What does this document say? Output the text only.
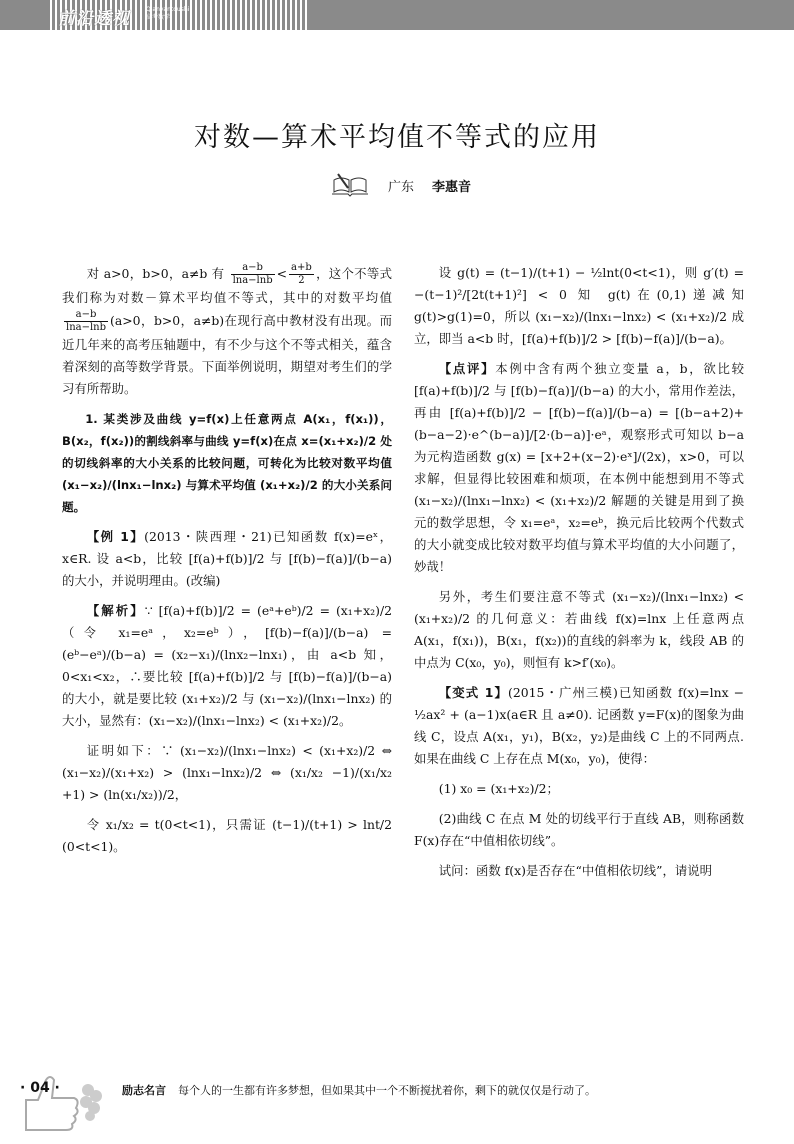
前沿透视	Qianyantoushi
高考数学
对数—算术平均值不等式的应用
广东 李惠音

对 a>0，b>0，a≠b 有 $\frac{a-b}{\ln a-\ln b} < \frac{a+b}{2}$ ，这个不等式我们称为对数－算术平均值不等式，其中的对数平均值
$\frac{a-b}{\ln a-\ln b} (a>0$，b>0，a≠b)在现行高中教材没有出现。而近几年来的高考压轴题中，有不少与这个不等式相关，蕴含着深刻的高等数学背景。下面举例说明，期望对考生们的学习有所帮助。

1. 某类涉及曲线 y=f(x)上任意两点 A(x₁，f(x₁))，B(x₂，f(x₂))的割线斜率与曲线 y=f(x)在点 x=(x₁+x₂)/2 处的切线斜率的大小关系的比较问题，可转化为比较对数平均值 (x₁−x₂)/(lnx₁−lnx₂) 与算术平均值 (x₁+x₂)/2 的大小关系问题。

【例 1】(2013・陕西理・21)已知函数 f(x)=eˣ，x∈R. 设 a<b，比较 [f(a)+f(b)]/2 与 [f(b)−f(a)]/(b−a) 的大小，并说明理由。(改编)

【解析】∵ [f(a)+f(b)]/2 = (eᵃ+eᵇ)/2 = (x₁+x₂)/2（令 x₁=eᵃ，x₂=eᵇ），[f(b)−f(a)]/(b−a) = (eᵇ−eᵃ)/(b−a) = (x₂−x₁)/(lnx₂−lnx₁)，由 a<b 知，0<x₁<x₂，∴要比较 [f(a)+f(b)]/2 与 [f(b)−f(a)]/(b−a) 的大小，就是要比较 (x₁+x₂)/2 与 (x₁−x₂)/(lnx₁−lnx₂) 的大小，显然有：(x₁−x₂)/(lnx₁−lnx₂) < (x₁+x₂)/2。

证明如下：∵ (x₁−x₂)/(lnx₁−lnx₂) < (x₁+x₂)/2 ⇔ (x₁−x₂)/(x₁+x₂) > (lnx₁−lnx₂)/2 ⇔ (x₁/x₂ −1)/(x₁/x₂ +1) > (ln(x₁/x₂))/2，

令 x₁/x₂ = t(0<t<1)，只需证 (t−1)/(t+1) > lnt/2 (0<t<1)。

设 g(t) = (t−1)/(t+1) − ½lnt(0<t<1)，则 g′(t) = −(t−1)²/[2t(t+1)²] < 0 知 g(t)在(0,1)递减知 g(t)>g(1)=0，所以 (x₁−x₂)/(lnx₁−lnx₂) < (x₁+x₂)/2 成立，即当 a<b 时，[f(a)+f(b)]/2 > [f(b)−f(a)]/(b−a)。

【点评】本例中含有两个独立变量 a，b，欲比较 [f(a)+f(b)]/2 与 [f(b)−f(a)]/(b−a) 的大小，常用作差法，再由 [f(a)+f(b)]/2 − [f(b)−f(a)]/(b−a) = [(b−a+2)+(b−a−2)·e^(b−a)]/[2·(b−a)]·eᵃ，观察形式可知以 b−a 为元构造函数 g(x) = [x+2+(x−2)·eˣ]/(2x)，x>0，可以求解，但显得比较困难和烦项，在本例中能想到用不等式 (x₁−x₂)/(lnx₁−lnx₂) < (x₁+x₂)/2 解题的关键是用到了换元的数学思想，令 x₁=eᵃ，x₂=eᵇ，换元后比较两个代数式的大小就变成比较对数平均值与算术平均值的大小问题了，妙哉！

另外，考生们要注意不等式 (x₁−x₂)/(lnx₁−lnx₂) < (x₁+x₂)/2 的几何意义：若曲线 f(x)=lnx 上任意两点 A(x₁，f(x₁))，B(x₁，f(x₂))的直线的斜率为 k，线段 AB 的中点为 C(x₀，y₀)，则恒有 k>f′(x₀)。

【变式 1】(2015・广州三模)已知函数 f(x)=lnx − ½ax² + (a−1)x(a∈R 且 a≠0). 记函数 y=F(x)的图象为曲线 C，设点 A(x₁，y₁)，B(x₂，y₂)是曲线 C 上的不同两点. 如果在曲线 C 上存在点 M(x₀，y₀)，使得：

(1) x₀ = (x₁+x₂)/2；

(2)曲线 C 在点 M 处的切线平行于直线 AB，则称函数 F(x)存在“中值相依切线”。

试问：函数 f(x)是否存在“中值相依切线”，请说明

· 04 ·	励志名言 每个人的一生都有许多梦想，但如果其中一个不断搅扰着你，剩下的就仅仅是行动了。
